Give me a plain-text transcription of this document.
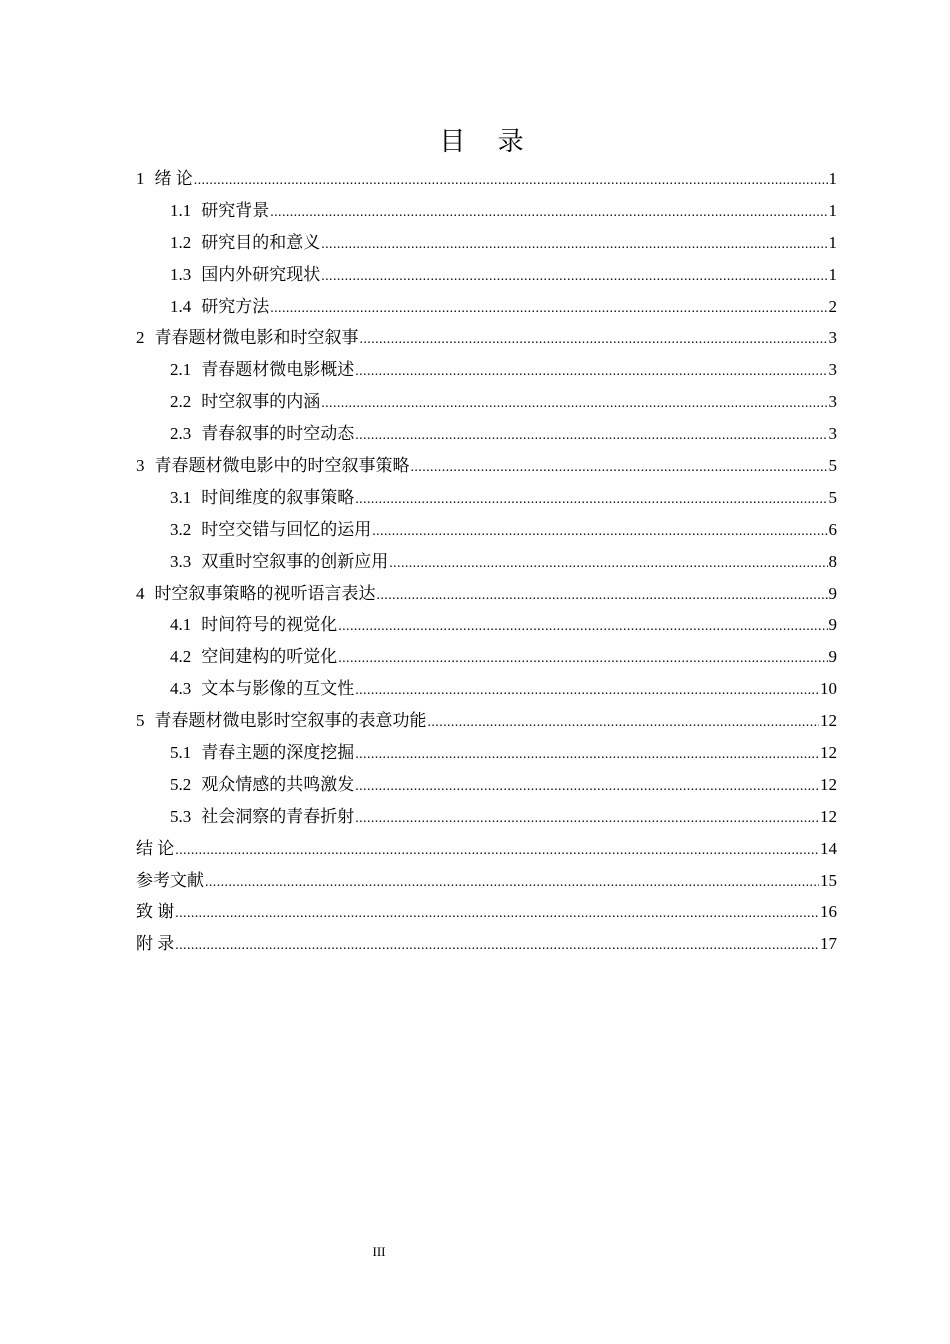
目 录
1 绪 论 .....	1
1.1 研究背景 .....	1
1.2 研究目的和意义 .....	1
1.3 国内外研究现状 .....	1
1.4 研究方法 .....	2
2 青春题材微电影和时空叙事 .....	3
2.1 青春题材微电影概述 .....	3
2.2 时空叙事的内涵 .....	3
2.3 青春叙事的时空动态 .....	3
3 青春题材微电影中的时空叙事策略 .....	5
3.1 时间维度的叙事策略 .....	5
3.2 时空交错与回忆的运用 .....	6
3.3 双重时空叙事的创新应用 .....	8
4 时空叙事策略的视听语言表达 .....	9
4.1 时间符号的视觉化 .....	9
4.2 空间建构的听觉化 .....	9
4.3 文本与影像的互文性 .....	10
5 青春题材微电影时空叙事的表意功能 .....	12
5.1 青春主题的深度挖掘 .....	12
5.2 观众情感的共鸣激发 .....	12
5.3 社会洞察的青春折射 .....	12
结 论 .....	14
参考文献 .....	15
致 谢 .....	16
附 录 .....	17
III
